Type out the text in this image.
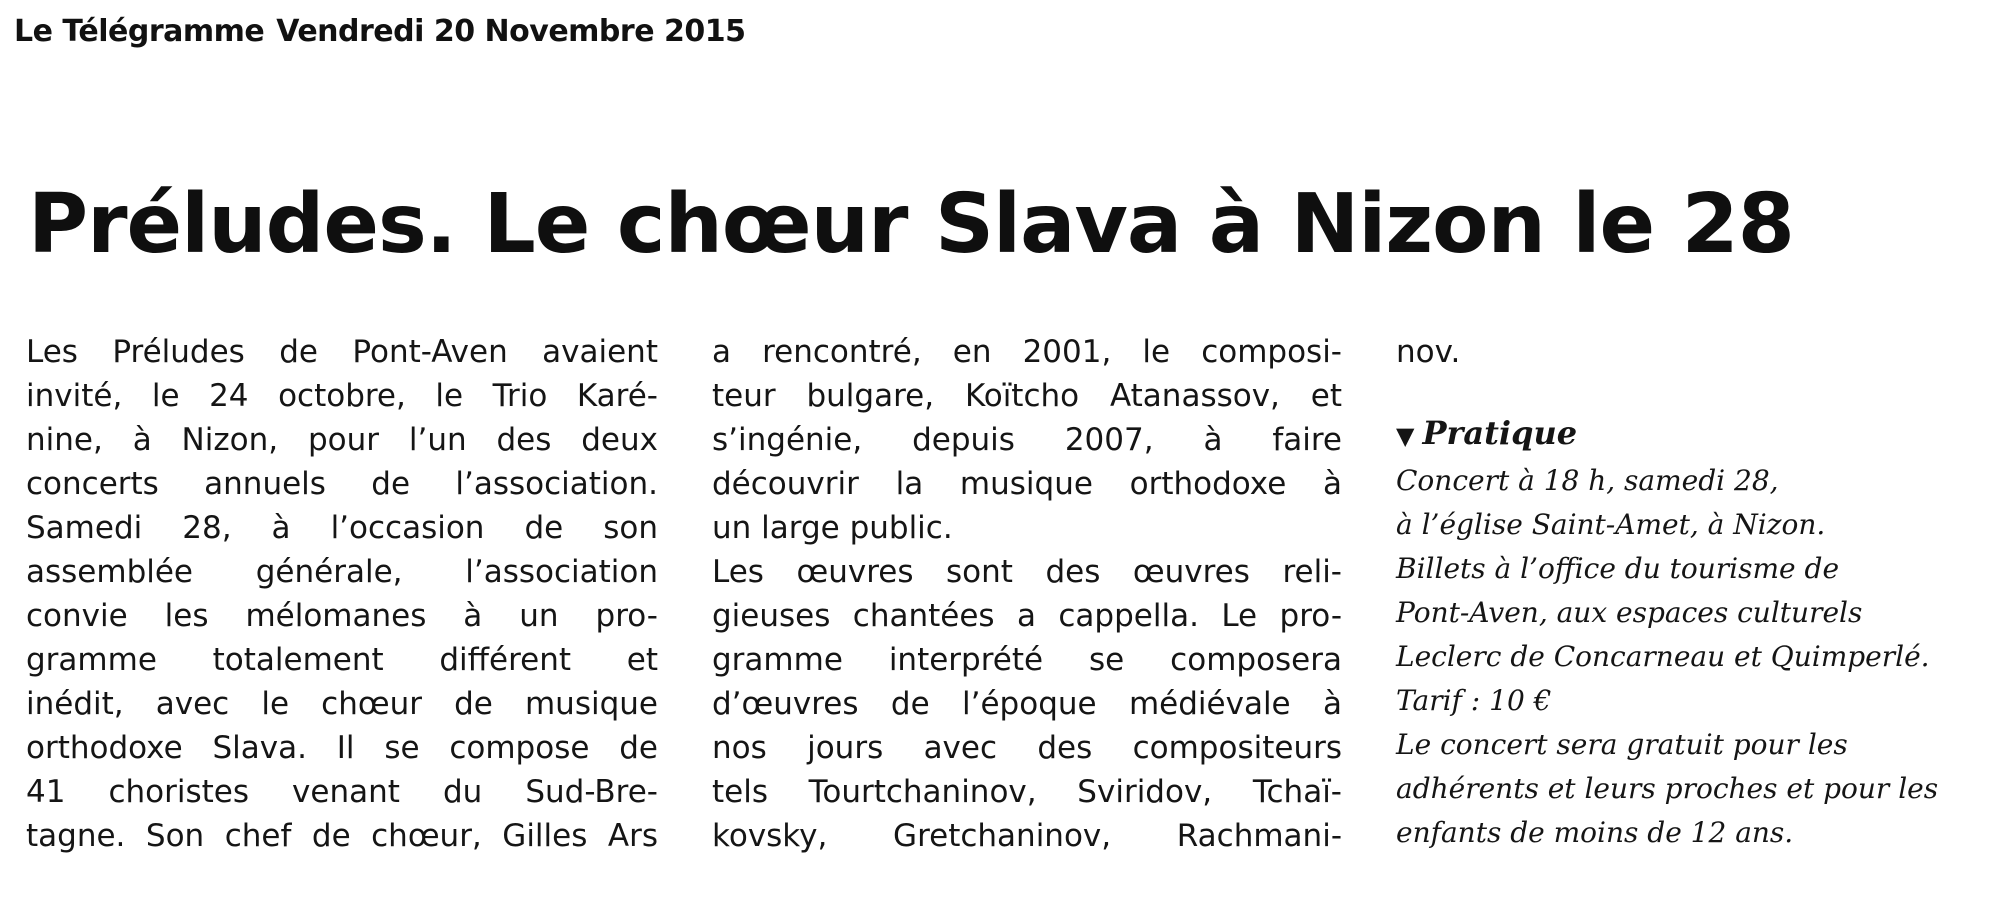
Le Télégramme Vendredi 20 Novembre 2015
Préludes. Le chœur Slava à Nizon le 28
Les Préludes de Pont-Aven avaient
invité, le 24 octobre, le Trio Karé-
nine, à Nizon, pour l’un des deux
concerts annuels de l’association.
Samedi 28, à l’occasion de son
assemblée générale, l’association
convie les mélomanes à un pro-
gramme totalement différent et
inédit, avec le chœur de musique
orthodoxe Slava. Il se compose de
41 choristes venant du Sud-Bre-
tagne. Son chef de chœur, Gilles Ars
a rencontré, en 2001, le composi-
teur bulgare, Koïtcho Atanassov, et
s’ingénie, depuis 2007, à faire
découvrir la musique orthodoxe à
un large public.
Les œuvres sont des œuvres reli-
gieuses chantées a cappella. Le pro-
gramme interprété se composera
d’œuvres de l’époque médiévale à
nos jours avec des compositeurs
tels Tourtchaninov, Sviridov, Tchaï-
kovsky, Gretchaninov, Rachmani-
nov.
▼ Pratique
Concert à 18 h, samedi 28,
à l’église Saint-Amet, à Nizon.
Billets à l’office du tourisme de
Pont-Aven, aux espaces culturels
Leclerc de Concarneau et Quimperlé.
Tarif : 10 €
Le concert sera gratuit pour les
adhérents et leurs proches et pour les
enfants de moins de 12 ans.
